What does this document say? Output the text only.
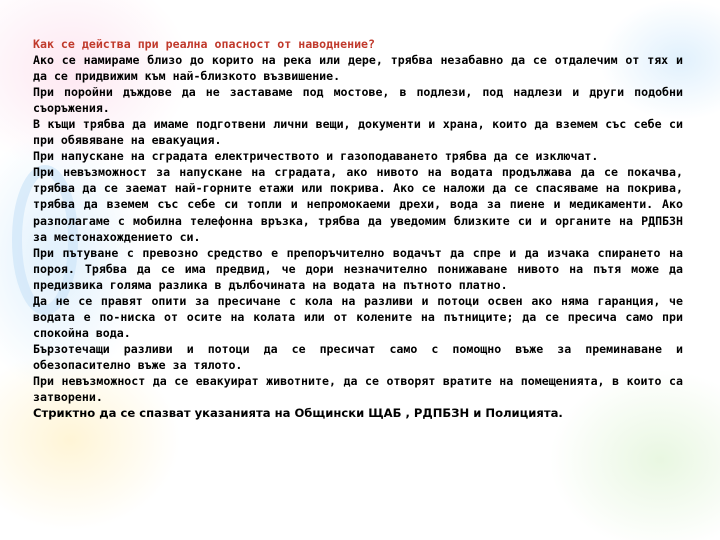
Как се действа при реална опасност от наводнение?

Ако се намираме близо до корито на река или дере, трябва незабавно да се отдалечим от тях и да се придвижим към най-близкото възвишение.

При поройни дъждове да не заставаме под мостове, в подлези, под надлези и други подобни съоръжения.

В къщи трябва да имаме подготвени лични вещи, документи и храна, които да вземем със себе си при обявяване на евакуация.

При напускане на сградата електричеството и газоподаването трябва да се изключат.

При невъзможност за напускане на сградата, ако нивото на водата продължава да се покачва, трябва да се заемат най-горните етажи или покрива. Ако се наложи да се спасяваме на покрива, трябва да вземем със себе си топли и непромокаеми дрехи, вода за пиене и медикаменти. Ако разполагаме с мобилна телефонна връзка, трябва да уведомим близките си и органите на РДПБЗН за местонахождението си.

При пътуване с превозно средство е препоръчително водачът да спре и да изчака спирането на пороя. Трябва да се има предвид, че дори незначително понижаване нивото на пътя може да предизвика голяма разлика в дълбочината на водата на пътното платно.

Да не се правят опити за пресичане с кола на разливи и потоци освен ако няма гаранция, че водата е по-ниска от осите на колата или от колените на пътниците; да се пресича само при спокойна вода.

Бързотечащи разливи и потоци да се пресичат само с помощно въже за преминаване и обезопасително въже за тялото.

При невъзможност да се евакуират животните, да се отворят вратите на помещенията, в които са затворени.

Стриктно да се спазват указанията на Общински ЩАБ , РДПБЗН и Полицията.
